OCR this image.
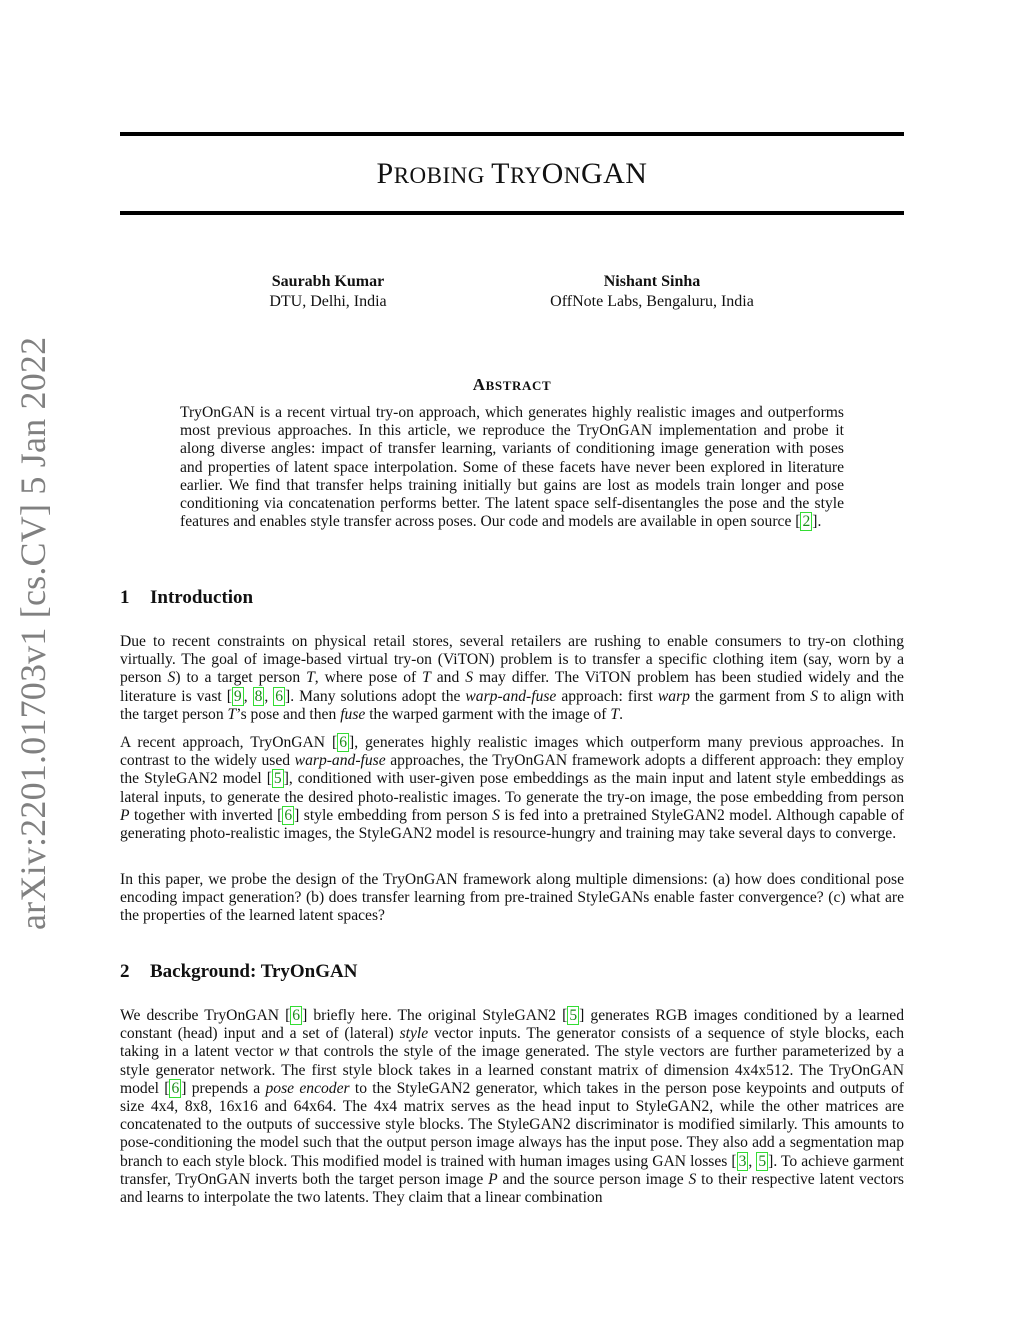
arXiv:2201.01703v1 [cs.CV] 5 Jan 2022
PROBING TRYONGAN
Saurabh Kumar
DTU, Delhi, India
Nishant Sinha
OffNote Labs, Bengaluru, India
ABSTRACT
TryOnGAN is a recent virtual try-on approach, which generates highly realistic images and outperforms most previous approaches. In this article, we reproduce the TryOnGAN implementation and probe it along diverse angles: impact of transfer learning, variants of conditioning image generation with poses and properties of latent space interpolation. Some of these facets have never been explored in literature earlier. We find that transfer helps training initially but gains are lost as models train longer and pose conditioning via concatenation performs better. The latent space self-disentangles the pose and the style features and enables style transfer across poses. Our code and models are available in open source [ 2 ].
1 Introduction
Due to recent constraints on physical retail stores, several retailers are rushing to enable consumers to try-on clothing virtually. The goal of image-based virtual try-on (ViTON) problem is to transfer a specific clothing item (say, worn by a person S) to a target person T, where pose of T and S may differ. The ViTON problem has been studied widely and the literature is vast [ 9 , 8 , 6 ]. Many solutions adopt the warp-and-fuse approach: first warp the garment from S to align with the target person T’s pose and then fuse the warped garment with the image of T.
A recent approach, TryOnGAN [ 6 ], generates highly realistic images which outperform many previous approaches. In contrast to the widely used warp-and-fuse approaches, the TryOnGAN framework adopts a different approach: they employ the StyleGAN2 model [ 5 ], conditioned with user-given pose embeddings as the main input and latent style embeddings as lateral inputs, to generate the desired photo-realistic images. To generate the try-on image, the pose embedding from person P together with inverted [ 6 ] style embedding from person S is fed into a pretrained StyleGAN2 model. Although capable of generating photo-realistic images, the StyleGAN2 model is resource-hungry and training may take several days to converge.
In this paper, we probe the design of the TryOnGAN framework along multiple dimensions: (a) how does conditional pose encoding impact generation? (b) does transfer learning from pre-trained StyleGANs enable faster convergence? (c) what are the properties of the learned latent spaces?
2 Background: TryOnGAN
We describe TryOnGAN [ 6 ] briefly here. The original StyleGAN2 [ 5 ] generates RGB images conditioned by a learned constant (head) input and a set of (lateral) style vector inputs. The generator consists of a sequence of style blocks, each taking in a latent vector w that controls the style of the image generated. The style vectors are further parameterized by a style generator network. The first style block takes in a learned constant matrix of dimension 4x4x512. The TryOnGAN model [ 6 ] prepends a pose encoder to the StyleGAN2 generator, which takes in the person pose keypoints and outputs of size 4x4, 8x8, 16x16 and 64x64. The 4x4 matrix serves as the head input to StyleGAN2, while the other matrices are concatenated to the outputs of successive style blocks. The StyleGAN2 discriminator is modified similarly. This amounts to pose-conditioning the model such that the output person image always has the input pose. They also add a segmentation map branch to each style block. This modified model is trained with human images using GAN losses [ 3 , 5 ]. To achieve garment transfer, TryOnGAN inverts both the target person image P and the source person image S to their respective latent vectors and learns to interpolate the two latents. They claim that a linear combination
